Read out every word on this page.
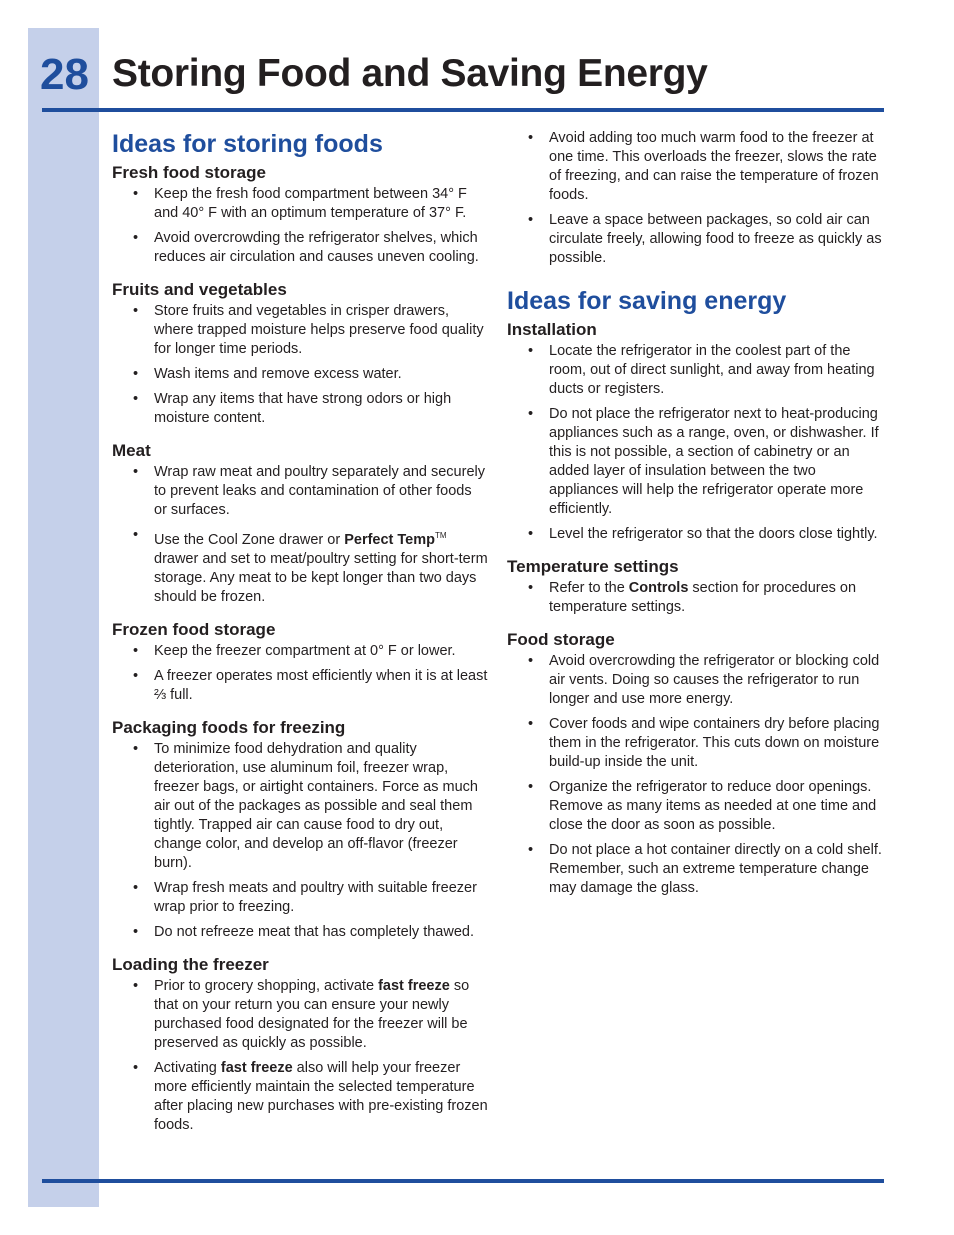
28 Storing Food and Saving Energy
Ideas for storing foods
Fresh food storage
• Keep the fresh food compartment between 34° F and 40° F with an optimum temperature of 37° F.
• Avoid overcrowding the refrigerator shelves, which reduces air circulation and causes uneven cooling.
Fruits and vegetables
• Store fruits and vegetables in crisper drawers, where trapped moisture helps preserve food quality for longer time periods.
• Wash items and remove excess water.
• Wrap any items that have strong odors or high moisture content.
Meat
• Wrap raw meat and poultry separately and securely to prevent leaks and contamination of other foods or surfaces.
• Use the Cool Zone drawer or Perfect Temp™ drawer and set to meat/poultry setting for short-term storage. Any meat to be kept longer than two days should be frozen.
Frozen food storage
• Keep the freezer compartment at 0° F or lower.
• A freezer operates most efficiently when it is at least ⅔ full.
Packaging foods for freezing
• To minimize food dehydration and quality deterioration, use aluminum foil, freezer wrap, freezer bags, or airtight containers. Force as much air out of the packages as possible and seal them tightly. Trapped air can cause food to dry out, change color, and develop an off-flavor (freezer burn).
• Wrap fresh meats and poultry with suitable freezer wrap prior to freezing.
• Do not refreeze meat that has completely thawed.
Loading the freezer
• Prior to grocery shopping, activate fast freeze so that on your return you can ensure your newly purchased food designated for the freezer will be preserved as quickly as possible.
• Activating fast freeze also will help your freezer more efficiently maintain the selected temperature after placing new purchases with pre-existing frozen foods.
• Avoid adding too much warm food to the freezer at one time. This overloads the freezer, slows the rate of freezing, and can raise the temperature of frozen foods.
• Leave a space between packages, so cold air can circulate freely, allowing food to freeze as quickly as possible.
Ideas for saving energy
Installation
• Locate the refrigerator in the coolest part of the room, out of direct sunlight, and away from heating ducts or registers.
• Do not place the refrigerator next to heat-producing appliances such as a range, oven, or dishwasher. If this is not possible, a section of cabinetry or an added layer of insulation between the two appliances will help the refrigerator operate more efficiently.
• Level the refrigerator so that the doors close tightly.
Temperature settings
• Refer to the Controls section for procedures on temperature settings.
Food storage
• Avoid overcrowding the refrigerator or blocking cold air vents. Doing so causes the refrigerator to run longer and use more energy.
• Cover foods and wipe containers dry before placing them in the refrigerator. This cuts down on moisture build-up inside the unit.
• Organize the refrigerator to reduce door openings. Remove as many items as needed at one time and close the door as soon as possible.
• Do not place a hot container directly on a cold shelf. Remember, such an extreme temperature change may damage the glass.
